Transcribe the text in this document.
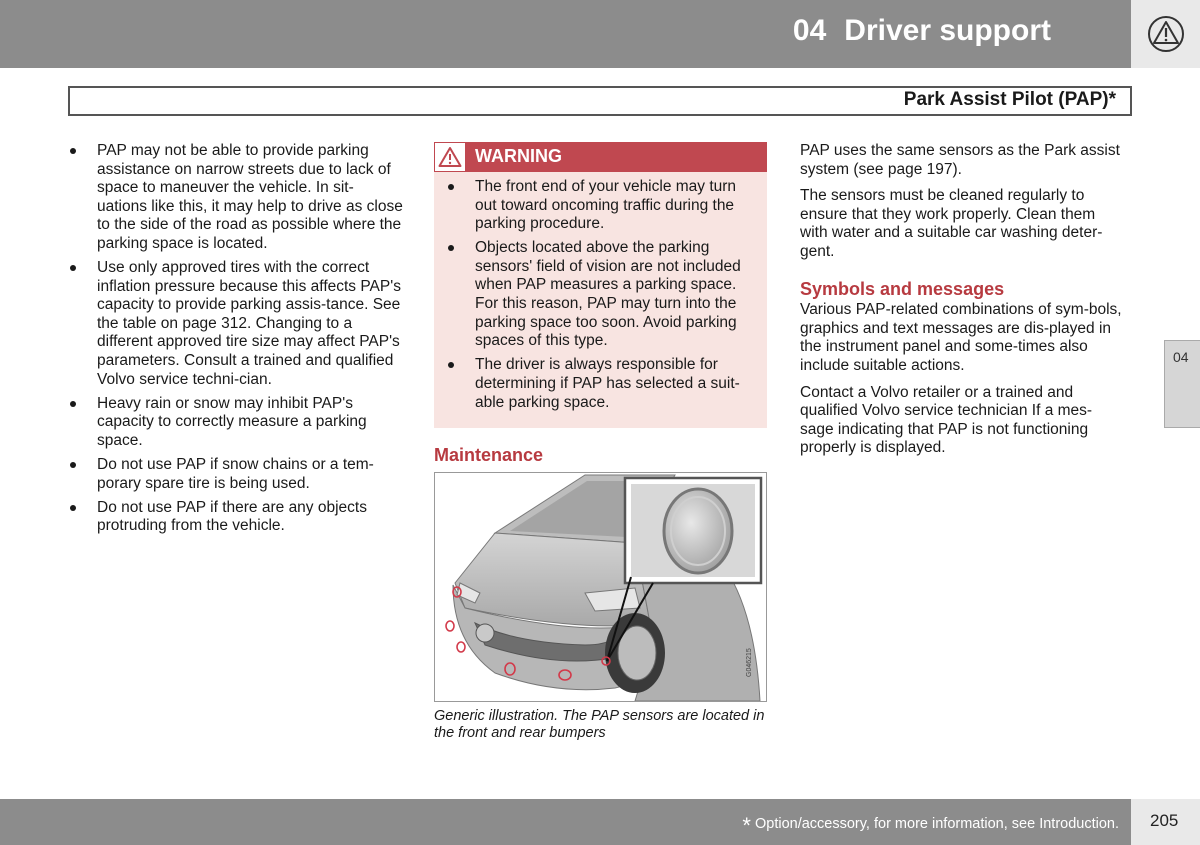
04 Driver support
Park Assist Pilot (PAP)*
04
PAP may not be able to provide parking assistance on narrow streets due to lack of space to maneuver the vehicle. In sit-uations like this, it may help to drive as close to the side of the road as possible where the parking space is located.
Use only approved tires with the correct inflation pressure because this affects PAP's capacity to provide parking assis-tance. See the table on page 312. Changing to a different approved tire size may affect PAP's parameters. Consult a trained and qualified Volvo service techni-cian.
Heavy rain or snow may inhibit PAP's capacity to correctly measure a parking space.
Do not use PAP if snow chains or a tem-porary spare tire is being used.
Do not use PAP if there are any objects protruding from the vehicle.
WARNING
The front end of your vehicle may turn out toward oncoming traffic during the parking procedure.
Objects located above the parking sensors' field of vision are not included when PAP measures a parking space. For this reason, PAP may turn into the parking space too soon. Avoid parking spaces of this type.
The driver is always responsible for determining if PAP has selected a suit-able parking space.
Maintenance
G046215
Generic illustration. The PAP sensors are located in the front and rear bumpers

PAP uses the same sensors as the Park assist system (see page 197).

The sensors must be cleaned regularly to ensure that they work properly. Clean them with water and a suitable car washing deter-gent.

Symbols and messages

Various PAP-related combinations of sym-bols, graphics and text messages are dis-played in the instrument panel and some-times also include suitable actions.

Contact a Volvo retailer or a trained and qualified Volvo service technician If a mes-sage indicating that PAP is not functioning properly is displayed.

* Option/accessory, for more information, see Introduction. 205
